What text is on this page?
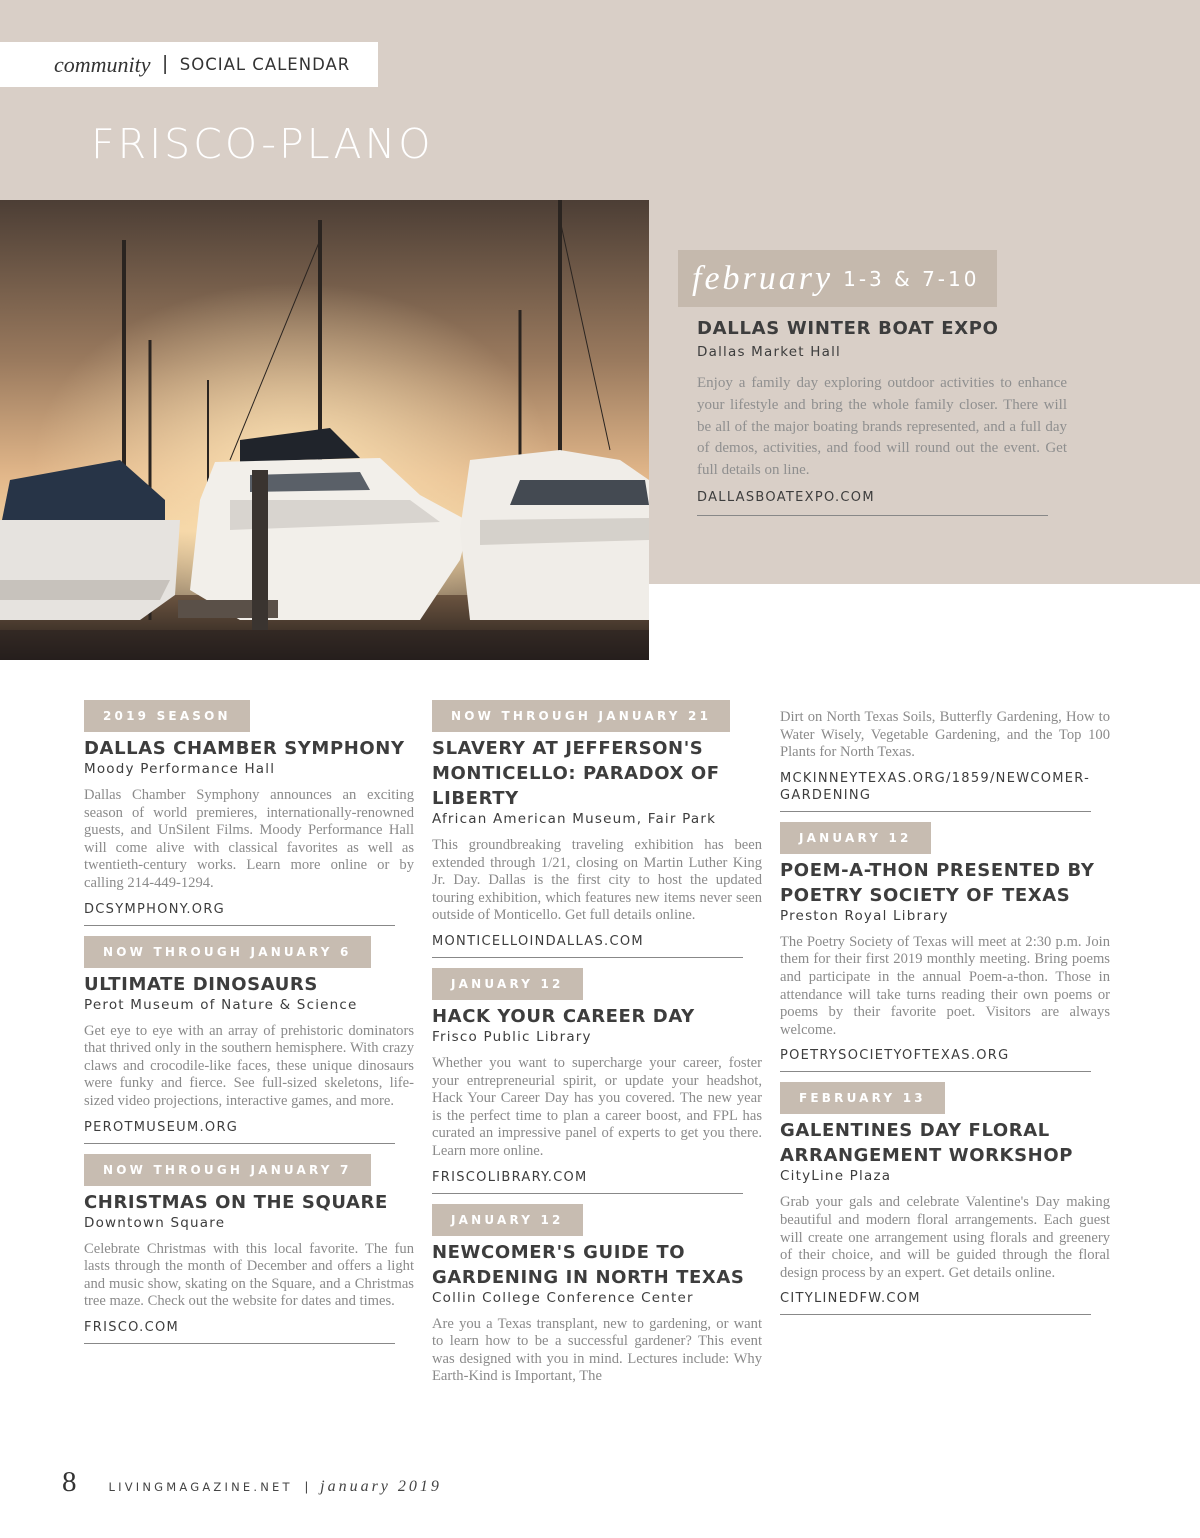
community | SOCIAL CALENDAR
FRISCO-PLANO
february 1-3 & 7-10
DALLAS WINTER BOAT EXPO
Dallas Market Hall
Enjoy a family day exploring outdoor activities to enhance your lifestyle and bring the whole family closer. There will be all of the major boating brands represented, and a full day of demos, activities, and food will round out the event. Get full details on line.
DALLASBOATEXPO.COM
2019 SEASON
DALLAS CHAMBER SYMPHONY
Moody Performance Hall
Dallas Chamber Symphony announces an exciting season of world premieres, internationally-renowned guests, and UnSilent Films. Moody Performance Hall will come alive with classical favorites as well as twentieth-century works. Learn more online or by calling 214-449-1294.
DCSYMPHONY.ORG
NOW THROUGH JANUARY 6
ULTIMATE DINOSAURS
Perot Museum of Nature & Science
Get eye to eye with an array of prehistoric dominators that thrived only in the southern hemisphere. With crazy claws and crocodile-like faces, these unique dinosaurs were funky and fierce. See full-sized skeletons, life-sized video projections, interactive games, and more.
PEROTMUSEUM.ORG
NOW THROUGH JANUARY 7
CHRISTMAS ON THE SQUARE
Downtown Square
Celebrate Christmas with this local favorite. The fun lasts through the month of December and offers a light and music show, skating on the Square, and a Christmas tree maze. Check out the website for dates and times.
FRISCO.COM
NOW THROUGH JANUARY 21
SLAVERY AT JEFFERSON'S MONTICELLO: PARADOX OF LIBERTY
African American Museum, Fair Park
This groundbreaking traveling exhibition has been extended through 1/21, closing on Martin Luther King Jr. Day. Dallas is the first city to host the updated touring exhibition, which features new items never seen outside of Monticello. Get full details online.
MONTICELLOINDALLAS.COM
JANUARY 12
HACK YOUR CAREER DAY
Frisco Public Library
Whether you want to supercharge your career, foster your entrepreneurial spirit, or update your headshot, Hack Your Career Day has you covered. The new year is the perfect time to plan a career boost, and FPL has curated an impressive panel of experts to get you there. Learn more online.
FRISCOLIBRARY.COM
JANUARY 12
NEWCOMER'S GUIDE TO GARDENING IN NORTH TEXAS
Collin College Conference Center
Are you a Texas transplant, new to gardening, or want to learn how to be a successful gardener? This event was designed with you in mind. Lectures include: Why Earth-Kind is Important, The
Dirt on North Texas Soils, Butterfly Gardening, How to Water Wisely, Vegetable Gardening, and the Top 100 Plants for North Texas.
MCKINNEYTEXAS.ORG/1859/NEWCOMER-GARDENING
JANUARY 12
POEM-A-THON PRESENTED BY POETRY SOCIETY OF TEXAS
Preston Royal Library
The Poetry Society of Texas will meet at 2:30 p.m. Join them for their first 2019 monthly meeting. Bring poems and participate in the annual Poem-a-thon. Those in attendance will take turns reading their own poems or poems by their favorite poet. Visitors are always welcome.
POETRYSOCIETYOFTEXAS.ORG
FEBRUARY 13
GALENTINES DAY FLORAL ARRANGEMENT WORKSHOP
CityLine Plaza
Grab your gals and celebrate Valentine's Day making beautiful and modern floral arrangements. Each guest will create one arrangement using florals and greenery of their choice, and will be guided through the floral design process by an expert. Get details online.
CITYLINEDFW.COM
8	LIVINGMAGAZINE.NET | january 2019
